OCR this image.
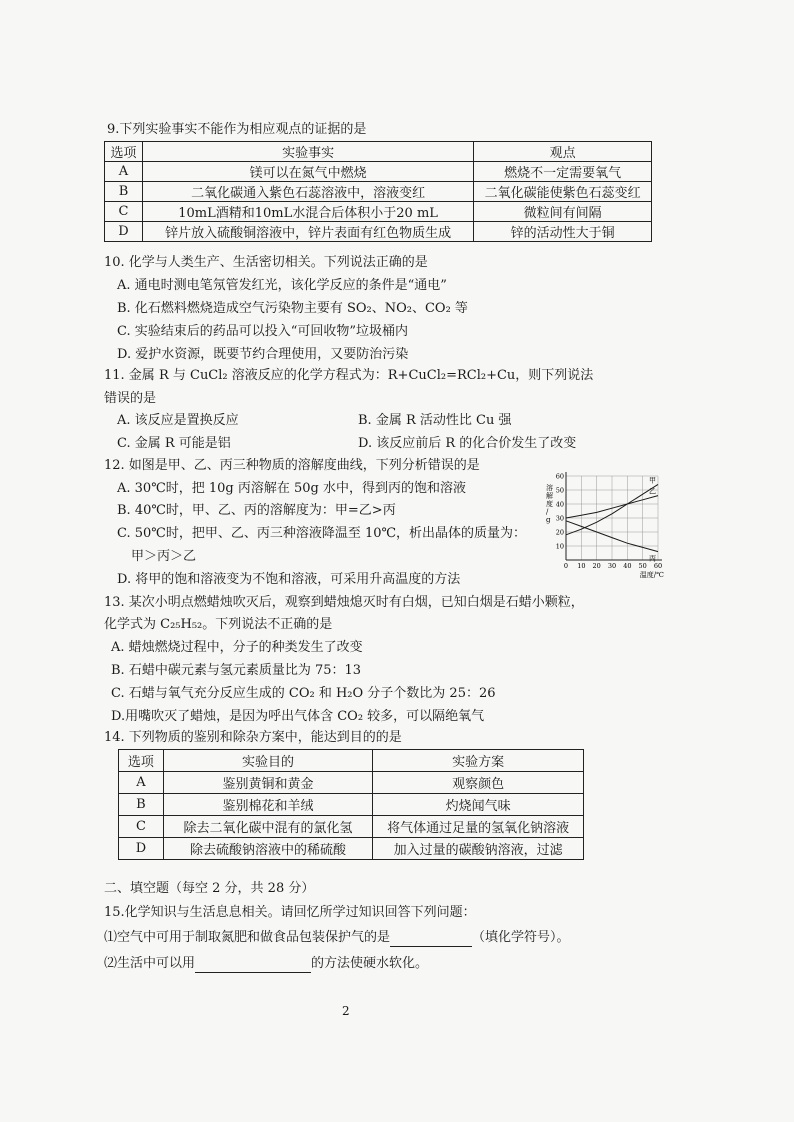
9.下列实验事实不能作为相应观点的证据的是
选项	实验事实	观点
A	镁可以在氮气中燃烧	燃烧不一定需要氧气
B	二氧化碳通入紫色石蕊溶液中，溶液变红	二氧化碳能使紫色石蕊变红
C	10mL酒精和10mL水混合后体积小于20 mL	微粒间有间隔
D	锌片放入硫酸铜溶液中，锌片表面有红色物质生成	锌的活动性大于铜
10. 化学与人类生产、生活密切相关。下列说法正确的是
A. 通电时测电笔氖管发红光，该化学反应的条件是“通电”
B. 化石燃料燃烧造成空气污染物主要有 SO₂、NO₂、CO₂ 等
C. 实验结束后的药品可以投入“可回收物”垃圾桶内
D. 爱护水资源，既要节约合理使用，又要防治污染
11. 金属 R 与 CuCl₂ 溶液反应的化学方程式为：R+CuCl₂=RCl₂+Cu，则下列说法
错误的是
A. 该反应是置换反应	B. 金属 R 活动性比 Cu 强
C. 金属 R 可能是铝	D. 该反应前后 R 的化合价发生了改变
12. 如图是甲、乙、丙三种物质的溶解度曲线，下列分析错误的是
A. 30℃时，把 10g 丙溶解在 50g 水中，得到丙的饱和溶液
B. 40℃时，甲、乙、丙的溶解度为：甲=乙>丙
C. 50℃时，把甲、乙、丙三种溶液降温至 10℃，析出晶体的质量为：
甲＞丙＞乙
D. 将甲的饱和溶液变为不饱和溶液，可采用升高温度的方法
10
20
30
40
50
60
0 10 20 30 40 50 60
甲
乙
丙
溶解度/ g
温度/℃
13. 某次小明点燃蜡烛吹灭后，观察到蜡烛熄灭时有白烟，已知白烟是石蜡小颗粒，
化学式为 C₂₅H₅₂。下列说法不正确的是
A. 蜡烛燃烧过程中，分子的种类发生了改变
B. 石蜡中碳元素与氢元素质量比为 75：13
C. 石蜡与氧气充分反应生成的 CO₂ 和 H₂O 分子个数比为 25：26
D.用嘴吹灭了蜡烛，是因为呼出气体含 CO₂ 较多，可以隔绝氧气
14. 下列物质的鉴别和除杂方案中，能达到目的的是
选项	实验目的	实验方案
A	鉴别黄铜和黄金	观察颜色
B	鉴别棉花和羊绒	灼烧闻气味
C	除去二氧化碳中混有的氯化氢	将气体通过足量的氢氧化钠溶液
D	除去硫酸钠溶液中的稀硫酸	加入过量的碳酸钠溶液，过滤
二、填空题（每空 2 分，共 28 分）
15.化学知识与生活息息相关。请回忆所学过知识回答下列问题：
⑴空气中可用于制取氮肥和做食品包装保护气的是	（填化学符号）。
⑵生活中可以用	的方法使硬水软化。
2
